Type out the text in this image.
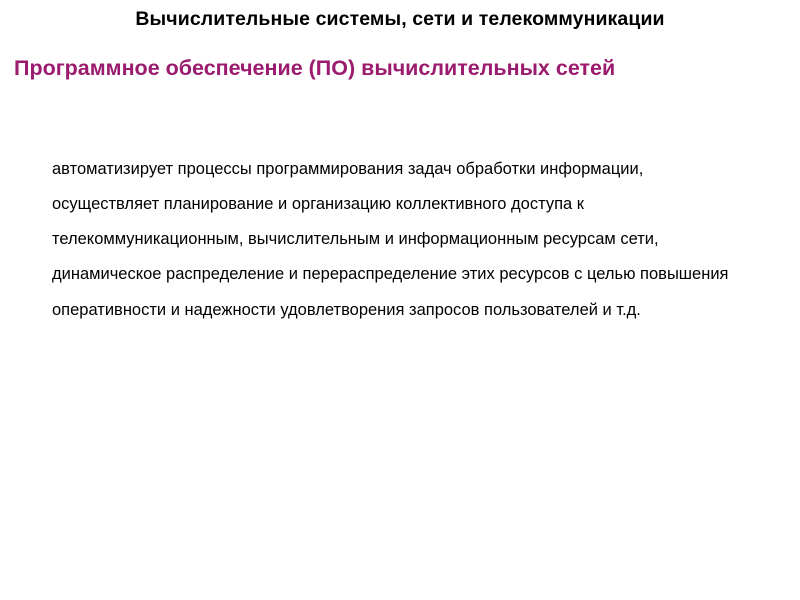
Вычислительные системы, сети и телекоммуникации
Программное обеспечение (ПО) вычислительных сетей

автоматизирует процессы программирования задач обработки информации, осуществляет планирование и организацию коллективного доступа к телекоммуникационным, вычислительным и информационным ресурсам сети, динамическое распределение и перераспределение этих ресурсов с целью повышения оперативности и надежности удовлетворения запросов пользователей и т.д.
